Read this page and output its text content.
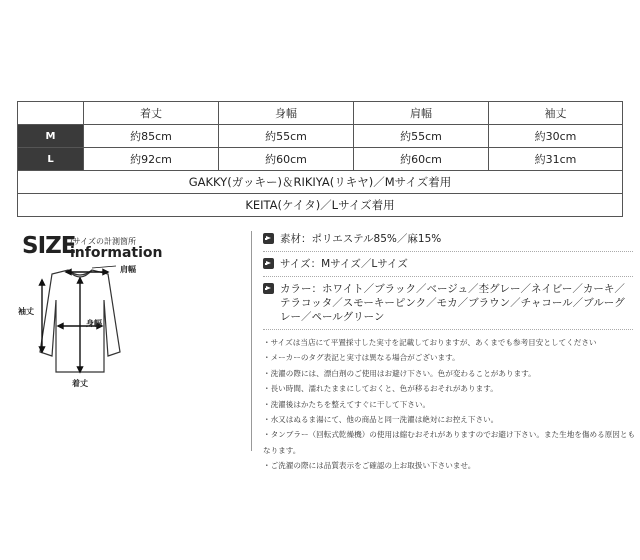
	着丈	身幅	肩幅	袖丈
M	約85cm	約55cm	約55cm	約30cm
L	約92cm	約60cm	約60cm	約31cm
GAKKY(ガッキー)＆RIKIYA(リキヤ)／Mサイズ着用				
KEITA(ケイタ)／Lサイズ着用				
SIZE
/サイズの計測箇所
information
肩幅
袖丈
身幅
着丈
素材：ポリエステル85%／麻15%
サイズ：Mサイズ／Lサイズ
カラー：ホワイト／ブラック／ベージュ／杢グレー／ネイビー／カーキ／テラコッタ／スモーキーピンク／モカ／ブラウン／チャコール／ブルーグレー／ペールグリーン
・サイズは当店にて平置採寸した実寸を記載しておりますが、あくまでも参考目安としてください
・メーカーのタグ表記と実寸は異なる場合がございます。
・洗濯の際には、漂白剤のご使用はお避け下さい。色が変わることがあります。
・長い時間、濡れたままにしておくと、色が移るおそれがあります。
・洗濯後はかたちを整えてすぐに干して下さい。
・水又はぬるま湯にて、他の商品と同一洗濯は絶対にお控え下さい。
・タンブラー（回転式乾燥機）の使用は縮むおそれがありますのでお避け下さい。また生地を傷める原因とも
なります。
・ご洗濯の際には品質表示をご確認の上お取扱い下さいませ。
